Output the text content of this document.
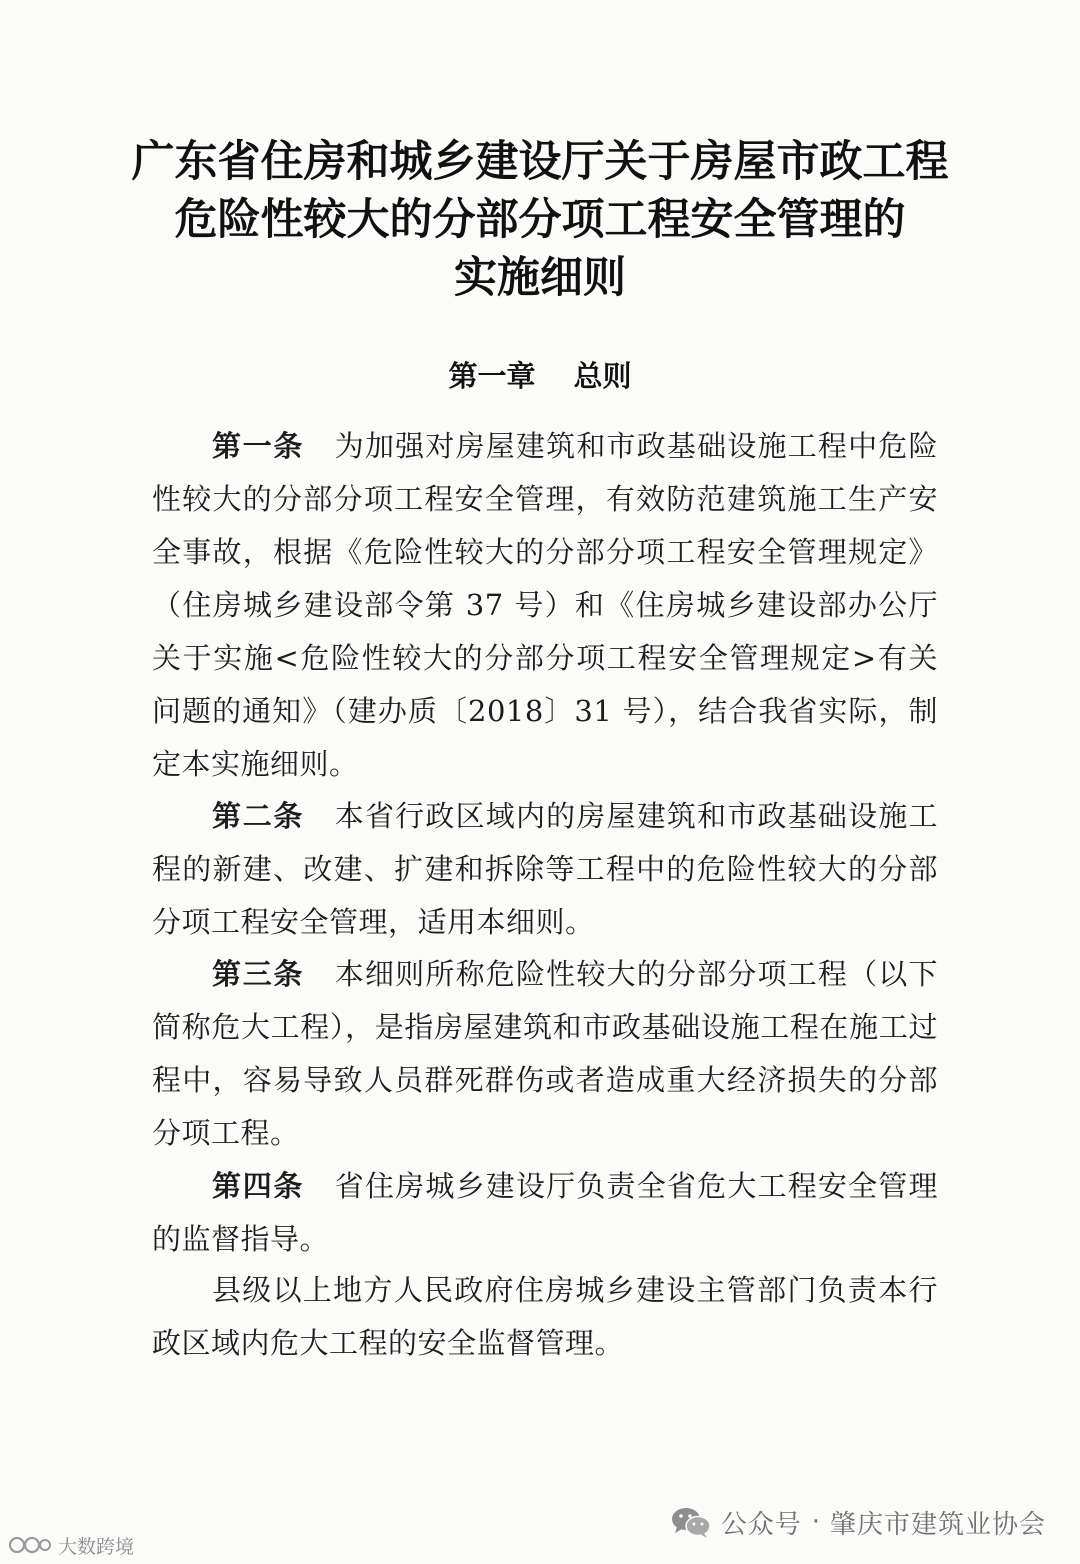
广东省住房和城乡建设厅关于房屋市政工程
危险性较大的分部分项工程安全管理的
实施细则
第一章 总则

第一条 为加强对房屋建筑和市政基础设施工程中危险性较大的分部分项工程安全管理，有效防范建筑施工生产安全事故，根据《危险性较大的分部分项工程安全管理规定》（住房城乡建设部令第 37 号）和《住房城乡建设部办公厅关于实施<危险性较大的分部分项工程安全管理规定>有关问题的通知》（建办质〔2018〕31 号），结合我省实际，制定本实施细则。

第二条 本省行政区域内的房屋建筑和市政基础设施工程的新建、改建、扩建和拆除等工程中的危险性较大的分部分项工程安全管理，适用本细则。

第三条 本细则所称危险性较大的分部分项工程（以下简称危大工程），是指房屋建筑和市政基础设施工程在施工过程中，容易导致人员群死群伤或者造成重大经济损失的分部分项工程。

第四条 省住房城乡建设厅负责全省危大工程安全管理的监督指导。

县级以上地方人民政府住房城乡建设主管部门负责本行政区域内危大工程的安全监督管理。

公众号 · 肇庆市建筑业协会
大数跨境
